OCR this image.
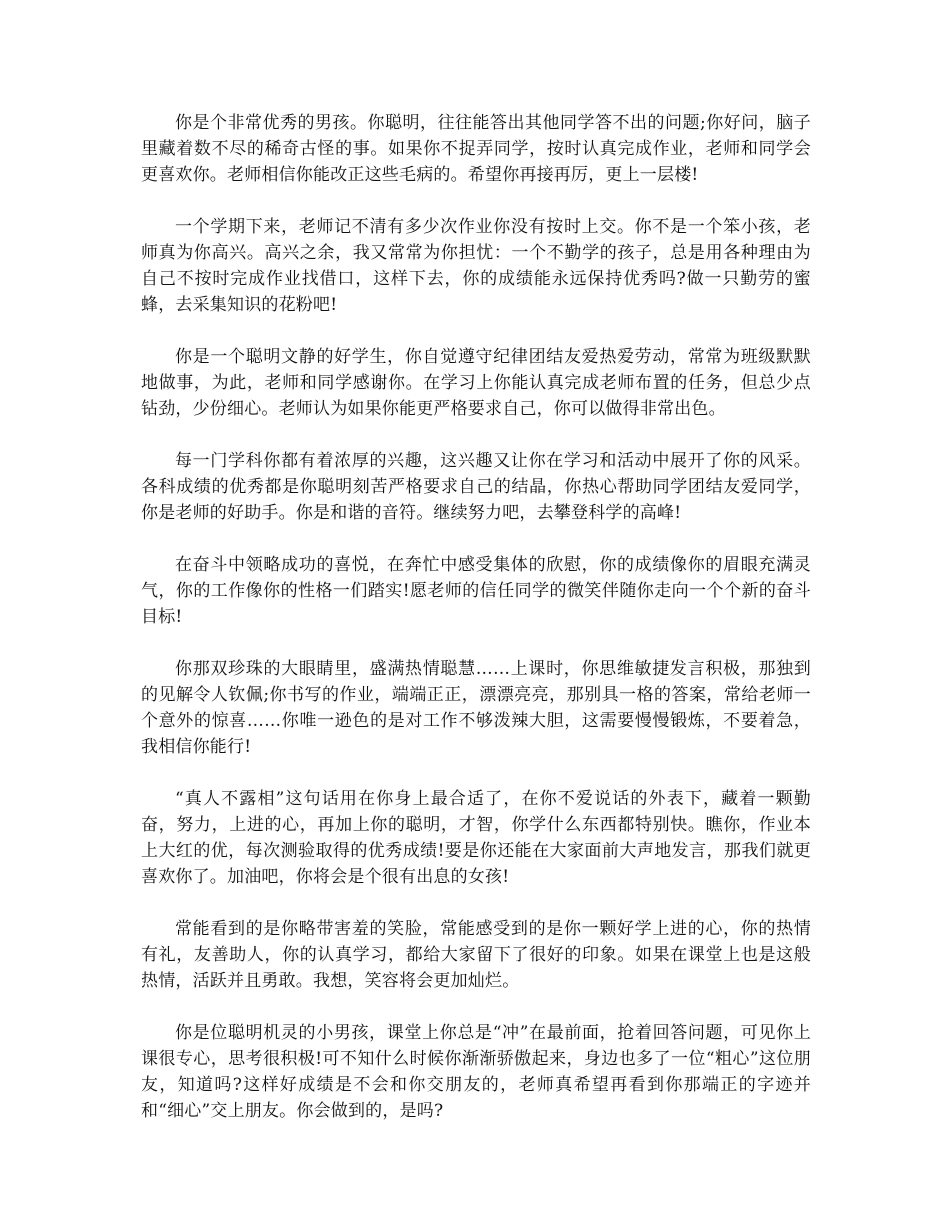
你是个非常优秀的男孩。你聪明，往往能答出其他同学答不出的问题;你好问，脑子里藏着数不尽的稀奇古怪的事。如果你不捉弄同学，按时认真完成作业，老师和同学会更喜欢你。老师相信你能改正这些毛病的。希望你再接再厉，更上一层楼!

一个学期下来，老师记不清有多少次作业你没有按时上交。你不是一个笨小孩，老师真为你高兴。高兴之余，我又常常为你担忧：一个不勤学的孩子，总是用各种理由为自己不按时完成作业找借口，这样下去，你的成绩能永远保持优秀吗?做一只勤劳的蜜蜂，去采集知识的花粉吧!

你是一个聪明文静的好学生，你自觉遵守纪律团结友爱热爱劳动，常常为班级默默地做事，为此，老师和同学感谢你。在学习上你能认真完成老师布置的任务，但总少点钻劲，少份细心。老师认为如果你能更严格要求自己，你可以做得非常出色。

每一门学科你都有着浓厚的兴趣，这兴趣又让你在学习和活动中展开了你的风采。各科成绩的优秀都是你聪明刻苦严格要求自己的结晶，你热心帮助同学团结友爱同学，你是老师的好助手。你是和谐的音符。继续努力吧，去攀登科学的高峰!

在奋斗中领略成功的喜悦，在奔忙中感受集体的欣慰，你的成绩像你的眉眼充满灵气，你的工作像你的性格一们踏实!愿老师的信任同学的微笑伴随你走向一个个新的奋斗目标!

你那双珍珠的大眼睛里，盛满热情聪慧……上课时，你思维敏捷发言积极，那独到的见解令人钦佩;你书写的作业，端端正正，漂漂亮亮，那别具一格的答案，常给老师一个意外的惊喜……你唯一逊色的是对工作不够泼辣大胆，这需要慢慢锻炼，不要着急，我相信你能行!

“真人不露相”这句话用在你身上最合适了，在你不爱说话的外表下，藏着一颗勤奋，努力，上进的心，再加上你的聪明，才智，你学什么东西都特别快。瞧你，作业本上大红的优，每次测验取得的优秀成绩!要是你还能在大家面前大声地发言，那我们就更喜欢你了。加油吧，你将会是个很有出息的女孩!

常能看到的是你略带害羞的笑脸，常能感受到的是你一颗好学上进的心，你的热情有礼，友善助人，你的认真学习，都给大家留下了很好的印象。如果在课堂上也是这般热情，活跃并且勇敢。我想，笑容将会更加灿烂。

你是位聪明机灵的小男孩，课堂上你总是“冲”在最前面，抢着回答问题，可见你上课很专心，思考很积极!可不知什么时候你渐渐骄傲起来，身边也多了一位“粗心”这位朋友，知道吗?这样好成绩是不会和你交朋友的，老师真希望再看到你那端正的字迹并和“细心”交上朋友。你会做到的，是吗?
